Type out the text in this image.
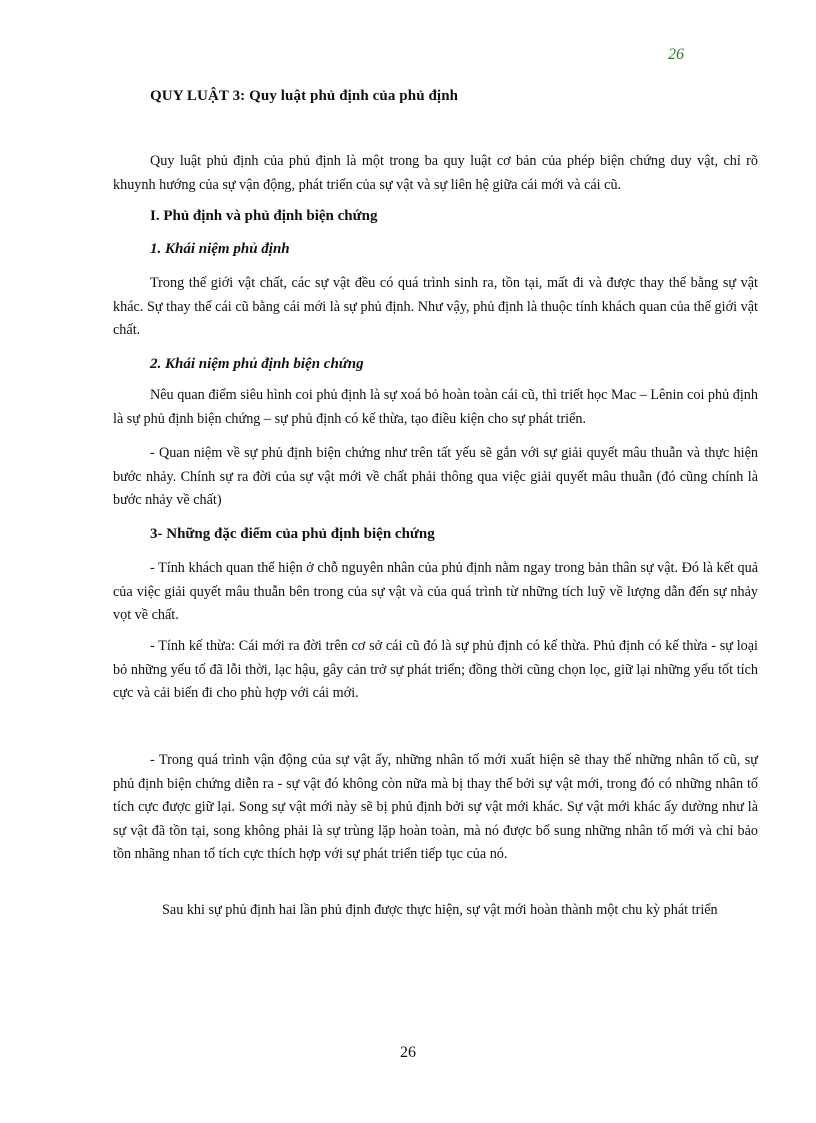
26
QUY LUẬT 3: Quy luật phủ định của phủ định

Quy luật phủ định của phủ định là một trong ba quy luật cơ bản của phép biện chứng duy vật, chỉ rõ khuynh hướng của sự vận động, phát triển của sự vật và sự liên hệ giữa cái mới và cái cũ.

I. Phủ định và phủ định biện chứng
1. Khái niệm phủ định

Trong thế giới vật chất, các sự vật đều có quá trình sinh ra, tồn tại, mất đi và được thay thế bằng sự vật khác. Sự thay thế cái cũ bằng cái mới là sự phủ định. Như vậy, phủ định là thuộc tính khách quan của thế giới vật chất.

2. Khái niệm phủ định biện chứng

Nêu quan điểm siêu hình coi phủ định là sự xoá bỏ hoàn toàn cái cũ, thì triết học Mac – Lênin coi phủ định là sự phủ định biện chứng – sự phủ định có kế thừa, tạo điều kiện cho sự phát triển.

- Quan niệm về sự phủ định biện chứng như trên tất yếu sẽ gắn với sự giải quyết mâu thuẫn và thực hiện bước nhảy. Chính sự ra đời của sự vật mới về chất phải thông qua việc giải quyết mâu thuẫn (đó cũng chính là bước nhảy về chất)

3- Những đặc điểm của phủ định biện chứng

- Tính khách quan thể hiện ở chỗ nguyên nhân của phủ định nằm ngay trong bản thân sự vật. Đó là kết quả của việc giải quyết mâu thuẫn bên trong của sự vật và của quá trình từ những tích luỹ về lượng dẫn đến sự nhảy vọt về chất.

- Tính kế thừa: Cái mới ra đời trên cơ sở cái cũ đó là sự phủ định có kế thừa. Phủ định có kế thừa - sự loại bỏ những yếu tố đã lỗi thời, lạc hậu, gây cản trở sự phát triển; đồng thời cũng chọn lọc, giữ lại những yếu tốt tích cực và cải biến đi cho phù hợp với cái mới.

- Trong quá trình vận động của sự vật ấy, những nhân tố mới xuất hiện sẽ thay thế những nhân tố cũ, sự phủ định biện chứng diễn ra - sự vật đó không còn nữa mà bị thay thế bởi sự vật mới, trong đó có những nhân tố tích cực được giữ lại. Song sự vật mới này sẽ bị phủ định bởi sự vật mới khác. Sự vật mới khác ấy dường như là sự vật đã tồn tại, song không phải là sự trùng lặp hoàn toàn, mà nó được bổ sung những nhân tố mới và chỉ bảo tồn nhãng nhan tố tích cực thích hợp với sự phát triển tiếp tục của nó.

Sau khi sự phủ định hai lần phủ định được thực hiện, sự vật mới hoàn thành một chu kỳ phát triển
26
